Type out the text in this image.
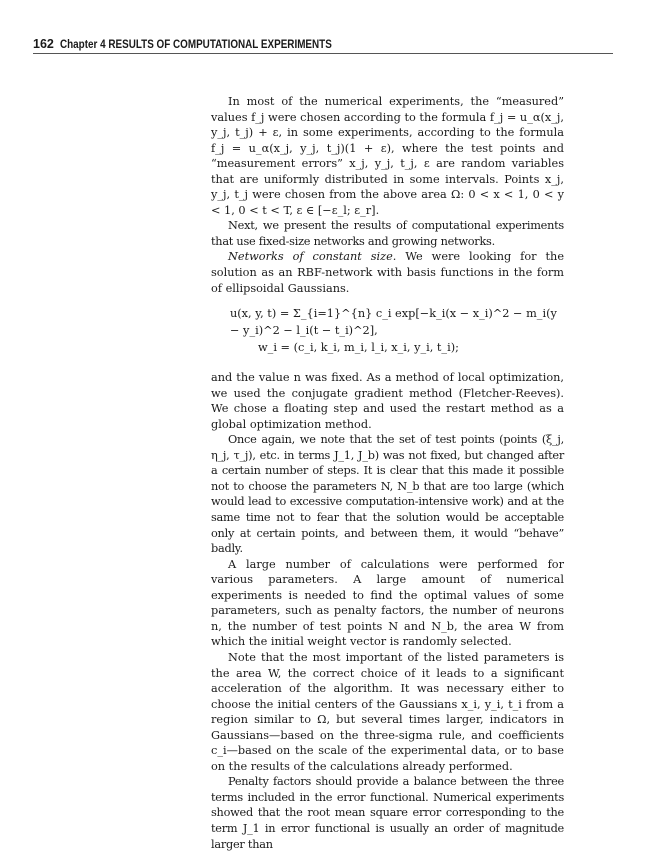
162 Chapter 4 RESULTS OF COMPUTATIONAL EXPERIMENTS

In most of the numerical experiments, the “measured” values f_j were chosen according to the formula f_j = u_α(x_j, y_j, t_j) + ε, in some experiments, according to the formula f_j = u_α(x_j, y_j, t_j)(1 + ε), where the test points and “measurement errors” x_j, y_j, t_j, ε are random variables that are uniformly distributed in some intervals. Points x_j, y_j, t_j were chosen from the above area Ω: 0 < x < 1, 0 < y < 1, 0 < t < T, ε ∈ [−ε_l; ε_r].

Next, we present the results of computational experiments that use fixed-size networks and growing networks.

Networks of constant size. We were looking for the solution as an RBF-network with basis functions in the form of ellipsoidal Gaussians.

u(x, y, t) = Σ_{i=1}^{n} c_i exp[−k_i(x − x_i)^2 − m_i(y − y_i)^2 − l_i(t − t_i)^2],
w_i = (c_i, k_i, m_i, l_i, x_i, y_i, t_i);

and the value n was fixed. As a method of local optimization, we used the conjugate gradient method (Fletcher-Reeves). We chose a floating step and used the restart method as a global optimization method.

Once again, we note that the set of test points (points (ξ_j, η_j, τ_j), etc. in terms J_1, J_b) was not fixed, but changed after a certain number of steps. It is clear that this made it possible not to choose the parameters N, N_b that are too large (which would lead to excessive computation-intensive work) and at the same time not to fear that the solution would be acceptable only at certain points, and between them, it would “behave” badly.

A large number of calculations were performed for various parameters. A large amount of numerical experiments is needed to find the optimal values of some parameters, such as penalty factors, the number of neurons n, the number of test points N and N_b, the area W from which the initial weight vector is randomly selected.

Note that the most important of the listed parameters is the area W, the correct choice of it leads to a significant acceleration of the algorithm. It was necessary either to choose the initial centers of the Gaussians x_i, y_i, t_i from a region similar to Ω, but several times larger, indicators in Gaussians—based on the three-sigma rule, and coefficients c_i—based on the scale of the experimental data, or to base on the results of the calculations already performed.

Penalty factors should provide a balance between the three terms included in the error functional. Numerical experiments showed that the root mean square error corresponding to the term J_1 in error functional is usually an order of magnitude larger than
